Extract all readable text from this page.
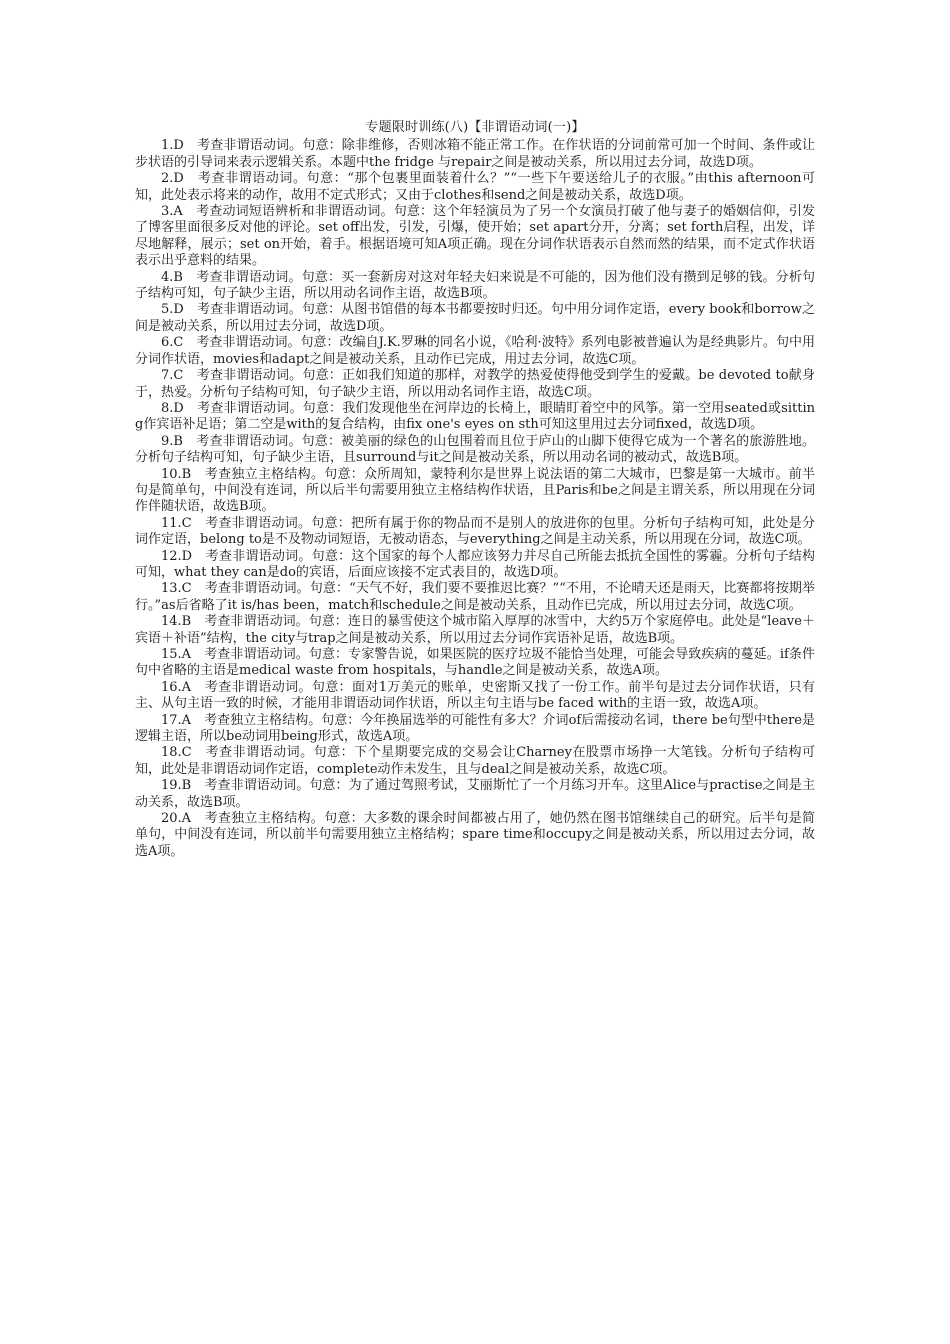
专题限时训练(八)【非谓语动词(一)】

1.D　考查非谓语动词。句意：除非维修，否则冰箱不能正常工作。在作状语的分词前常可加一个时间、条件或让步状语的引导词来表示逻辑关系。本题中the fridge 与repair之间是被动关系，所以用过去分词，故选D项。

2.D　考查非谓语动词。句意：“那个包裹里面装着什么？”“一些下午要送给儿子的衣服。”由this afternoon可知，此处表示将来的动作，故用不定式形式；又由于clothes和send之间是被动关系，故选D项。

3.A　考查动词短语辨析和非谓语动词。句意：这个年轻演员为了另一个女演员打破了他与妻子的婚姻信仰，引发了博客里面很多反对他的评论。set off出发，引发，引爆，使开始；set apart分开，分离；set forth启程，出发，详尽地解释，展示；set on开始，着手。根据语境可知A项正确。现在分词作状语表示自然而然的结果，而不定式作状语表示出乎意料的结果。

4.B　考查非谓语动词。句意：买一套新房对这对年轻夫妇来说是不可能的，因为他们没有攒到足够的钱。分析句子结构可知，句子缺少主语，所以用动名词作主语，故选B项。

5.D　考查非谓语动词。句意：从图书馆借的每本书都要按时归还。句中用分词作定语，every book和borrow之间是被动关系，所以用过去分词，故选D项。

6.C　考查非谓语动词。句意：改编自J.K.罗琳的同名小说，《哈利·波特》系列电影被普遍认为是经典影片。句中用分词作状语，movies和adapt之间是被动关系，且动作已完成，用过去分词，故选C项。

7.C　考查非谓语动词。句意：正如我们知道的那样，对教学的热爱使得他受到学生的爱戴。be devoted to献身于，热爱。分析句子结构可知，句子缺少主语，所以用动名词作主语，故选C项。

8.D　考查非谓语动词。句意：我们发现他坐在河岸边的长椅上，眼睛盯着空中的风筝。第一空用seated或sitting作宾语补足语；第二空是with的复合结构，由fix one's eyes on sth可知这里用过去分词fixed，故选D项。

9.B　考查非谓语动词。句意：被美丽的绿色的山包围着而且位于庐山的山脚下使得它成为一个著名的旅游胜地。分析句子结构可知，句子缺少主语，且surround与it之间是被动关系，所以用动名词的被动式，故选B项。

10.B　考查独立主格结构。句意：众所周知，蒙特利尔是世界上说法语的第二大城市，巴黎是第一大城市。前半句是简单句，中间没有连词，所以后半句需要用独立主格结构作状语，且Paris和be之间是主谓关系，所以用现在分词作伴随状语，故选B项。

11.C　考查非谓语动词。句意：把所有属于你的物品而不是别人的放进你的包里。分析句子结构可知，此处是分词作定语，belong to是不及物动词短语，无被动语态，与everything之间是主动关系，所以用现在分词，故选C项。

12.D　考查非谓语动词。句意：这个国家的每个人都应该努力并尽自己所能去抵抗全国性的雾霾。分析句子结构可知，what they can是do的宾语，后面应该接不定式表目的，故选D项。

13.C　考查非谓语动词。句意：“天气不好，我们要不要推迟比赛？”“不用，不论晴天还是雨天，比赛都将按期举行。”as后省略了it is/has been，match和schedule之间是被动关系，且动作已完成，所以用过去分词，故选C项。

14.B　考查非谓语动词。句意：连日的暴雪使这个城市陷入厚厚的冰雪中，大约5万个家庭停电。此处是“leave＋宾语＋补语”结构，the city与trap之间是被动关系，所以用过去分词作宾语补足语，故选B项。

15.A　考查非谓语动词。句意：专家警告说，如果医院的医疗垃圾不能恰当处理，可能会导致疾病的蔓延。if条件句中省略的主语是medical waste from hospitals，与handle之间是被动关系，故选A项。

16.A　考查非谓语动词。句意：面对1万美元的账单，史密斯又找了一份工作。前半句是过去分词作状语，只有主、从句主语一致的时候，才能用非谓语动词作状语，所以主句主语与be faced with的主语一致，故选A项。

17.A　考查独立主格结构。句意：今年换届选举的可能性有多大？介词of后需接动名词，there be句型中there是逻辑主语，所以be动词用being形式，故选A项。

18.C　考查非谓语动词。句意：下个星期要完成的交易会让Charney在股票市场挣一大笔钱。分析句子结构可知，此处是非谓语动词作定语，complete动作未发生，且与deal之间是被动关系，故选C项。

19.B　考查非谓语动词。句意：为了通过驾照考试，艾丽斯忙了一个月练习开车。这里Alice与practise之间是主动关系，故选B项。

20.A　考查独立主格结构。句意：大多数的课余时间都被占用了，她仍然在图书馆继续自己的研究。后半句是简单句，中间没有连词，所以前半句需要用独立主格结构；spare time和occupy之间是被动关系，所以用过去分词，故选A项。
